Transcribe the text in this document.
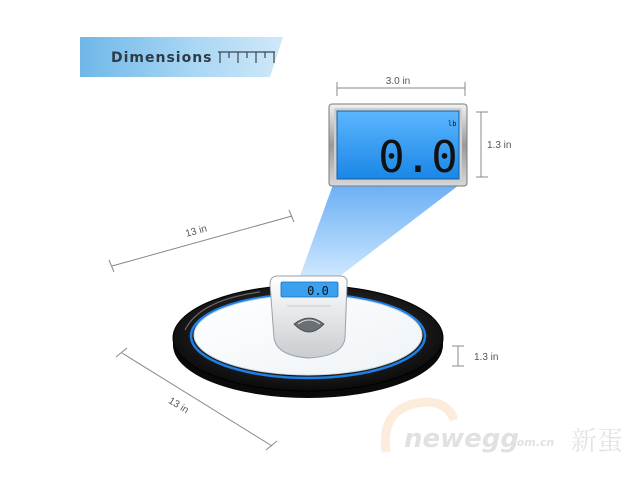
Dimensions
3.0 in
1.3 in
0.0
lb
13 in
13 in
1.3 in
0.0
newegg
.com.cn 新蛋
